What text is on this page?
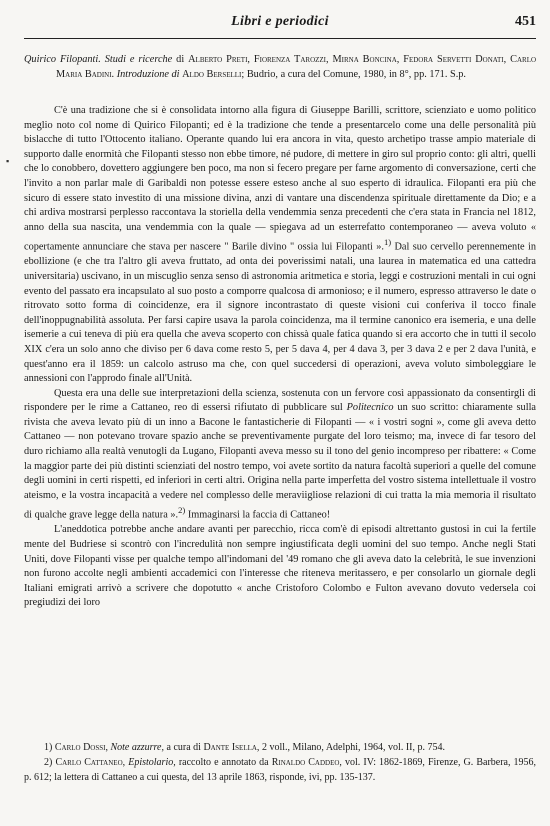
Libri e periodici	451
▪
Quirico Filopanti. Studi e ricerche di Alberto Preti, Fiorenza Tarozzi, Mirna Boncina, Fedora Servetti Donati, Carlo Maria Badini. Introduzione di Aldo Berselli; Budrio, a cura del Comune, 1980, in 8°, pp. 171. S.p.

C'è una tradizione che si è consolidata intorno alla figura di Giuseppe Barilli, scrittore, scienziato e uomo politico meglio noto col nome di Quirico Filopanti; ed è la tradizione che tende a presentarcelo come una delle personalità più bislacche di tutto l'Ottocento italiano. Operante quando lui era ancora in vita, questo archetipo trasse ampio materiale di supporto dalle enormità che Filopanti stesso non ebbe timore, né pudore, di mettere in giro sul proprio conto: gli altri, quelli che lo conobbero, dovettero aggiungere ben poco, ma non si fecero pregare per farne argomento di conversazione, certi che l'invito a non parlar male di Garibaldi non potesse essere esteso anche al suo esperto di idraulica. Filopanti era più che sicuro di essere stato investito di una missione divina, anzi di vantare una discendenza spirituale direttamente da Dio; e a chi ardiva mostrarsi perplesso raccontava la storiella della vendemmia senza precedenti che c'era stata in Francia nel 1812, anno della sua nascita, una vendemmia con la quale — spiegava ad un esterrefatto contemporaneo — aveva voluto « copertamente annunciare che stava per nascere " Barile divino " ossia lui Filopanti ».$^{1)}$ Dal suo cervello perennemente in ebollizione (e che tra l'altro gli aveva fruttato, ad onta dei poverissimi natali, una laurea in matematica ed una cattedra universitaria) uscivano, in un miscuglio senza senso di astronomia aritmetica e storia, leggi e costruzioni mentali in cui ogni evento del passato era incapsulato al suo posto a comporre qualcosa di armonioso; e il numero, espresso attraverso le date o ritrovato sotto forma di coincidenze, era il signore incontrastato di queste visioni cui conferiva il tocco finale dell'inoppugnabilità assoluta. Per farsi capire usava la parola coincidenza, ma il termine canonico era isemeria, e una delle isemerie a cui teneva di più era quella che aveva scoperto con chissà quale fatica quando si era accorto che in tutti il secolo XIX c'era un solo anno che diviso per 6 dava come resto 5, per 5 dava 4, per 4 dava 3, per 3 dava 2 e per 2 dava l'unità, e quest'anno era il 1859: un calcolo astruso ma che, con quel succedersi di operazioni, aveva voluto simboleggiare le annessioni con l'approdo finale all'Unità.

Questa era una delle sue interpretazioni della scienza, sostenuta con un fervore così appassionato da consentirgli di rispondere per le rime a Cattaneo, reo di essersi rifiutato di pubblicare sul Politecnico un suo scritto: chiaramente sulla rivista che aveva levato più di un inno a Bacone le fantasticherie di Filopanti — « i vostri sogni », come gli aveva detto Cattaneo — non potevano trovare spazio anche se preventivamente purgate del loro teismo; ma, invece di far tesoro del duro richiamo alla realtà venutogli da Lugano, Filopanti aveva messo su il tono del genio incompreso per ribattere: « Come la maggior parte dei più distinti scienziati del nostro tempo, voi avete sortito da natura facoltà superiori a quelle del comune degli uomini in certi rispetti, ed inferiori in certi altri. Origina nella parte imperfetta del vostro sistema intellettuale il vostro ateismo, e la vostra incapacità a vedere nel complesso delle meraviigliose relazioni di cui tratta la mia memoria il risultato di qualche grave legge della natura ».$^{2)}$ Immaginarsi la faccia di Cattaneo!

L'aneddotica potrebbe anche andare avanti per parecchio, ricca com'è di episodi altrettanto gustosi in cui la fertile mente del Budriese si scontrò con l'incredulità non sempre ingiustificata degli uomini del suo tempo. Anche negli Stati Uniti, dove Filopanti visse per qualche tempo all'indomani del '49 romano che gli aveva dato la celebrità, le sue invenzioni non furono accolte negli ambienti accademici con l'interesse che riteneva meritassero, e per consolarlo un giornale degli Italiani emigrati arrivò a scrivere che dopotutto « anche Cristoforo Colombo e Fulton avevano dovuto vedersela coi pregiudizi dei loro

1) Carlo Dossi, Note azzurre, a cura di Dante Isella, 2 voll., Milano, Adelphi, 1964, vol. II, p. 754.

2) Carlo Cattaneo, Epistolario, raccolto e annotato da Rinaldo Caddeo, vol. IV: 1862-1869, Firenze, G. Barbera, 1956, p. 612; la lettera di Cattaneo a cui questa, del 13 aprile 1863, risponde, ivi, pp. 135-137.
